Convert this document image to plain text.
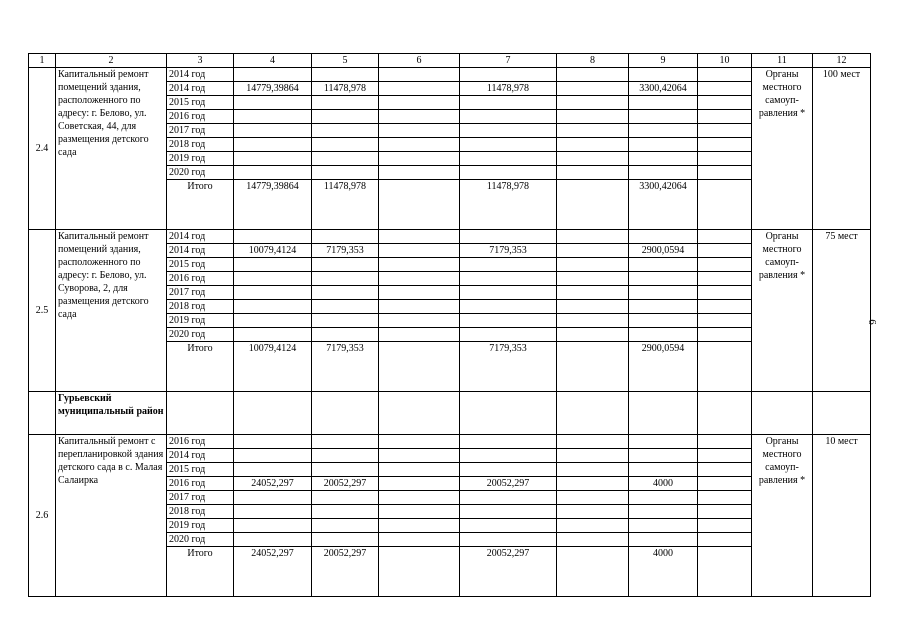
1	2	3	4	5	6	7	8	9	10	11	12
2.4	Капитальный ремонт помещений здания, расположенного по адресу: г. Белово, ул. Советская, 44, для размещения детского сада	2014 год								Органы местного самоуп-равления *	100 мест
		2014 год	14779,39864	11478,978		11478,978		3300,42064			
		2015 год									
		2016 год									
		2017 год									
		2018 год									
		2019 год									
		2020 год									
		Итого	14779,39864	11478,978		11478,978		3300,42064			
2.5	Капитальный ремонт помещений здания, расположенного по адресу: г. Белово, ул. Суворова, 2, для размещения детского сада	2014 год								Органы местного самоуп-равления *	75 мест
		2014 год	10079,4124	7179,353		7179,353		2900,0594			
		2015 год									
		2016 год									
		2017 год									
		2018 год									
		2019 год									
		2020 год									
		Итого	10079,4124	7179,353		7179,353		2900,0594			
	Гурьевский муниципальный район										
2.6	Капитальный ремонт с перепланировкой здания детского сада в с. Малая Салаирка	2016 год								Органы местного самоуп-равления *	10 мест
		2014 год									
		2015 год									
		2016 год	24052,297	20052,297		20052,297		4000			
		2017 год									
		2018 год									
		2019 год									
		2020 год									
		Итого	24052,297	20052,297		20052,297		4000			
6
